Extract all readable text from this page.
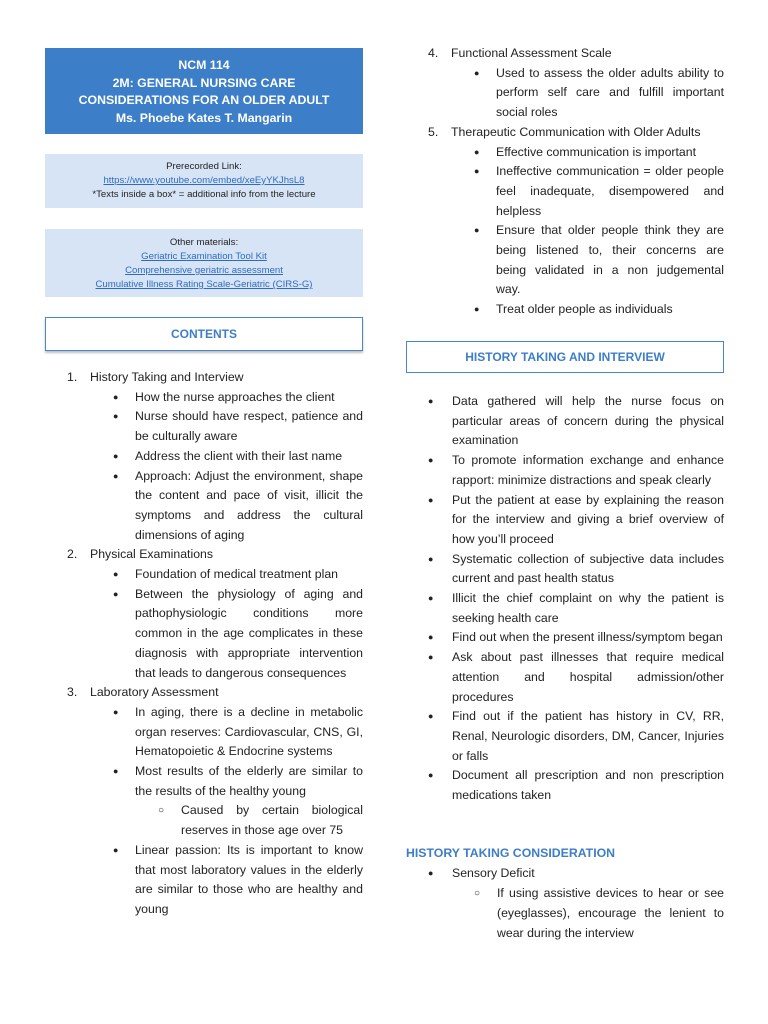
NCM 114
2M: GENERAL NURSING CARE
CONSIDERATIONS FOR AN OLDER ADULT
Ms. Phoebe Kates T. Mangarin
Prerecorded Link:
https://www.youtube.com/embed/xeEyYKJhsL8
*Texts inside a box* = additional info from the lecture
Other materials:
Geriatric Examination Tool Kit
Comprehensive geriatric assessment
Cumulative Illness Rating Scale-Geriatric (CIRS-G)
CONTENTS
1. History Taking and Interview
● How the nurse approaches the client
● Nurse should have respect, patience and be culturally aware
● Address the client with their last name
● Approach: Adjust the environment, shape the content and pace of visit, illicit the symptoms and address the cultural dimensions of aging
2. Physical Examinations
● Foundation of medical treatment plan
● Between the physiology of aging and pathophysiologic conditions more common in the age complicates in these diagnosis with appropriate intervention that leads to dangerous consequences
3. Laboratory Assessment
● In aging, there is a decline in metabolic organ reserves: Cardiovascular, CNS, GI, Hematopoietic & Endocrine systems
● Most results of the elderly are similar to the results of the healthy young
○ Caused by certain biological reserves in those age over 75
● Linear passion: Its is important to know that most laboratory values in the elderly are similar to those who are healthy and young
4. Functional Assessment Scale
● Used to assess the older adults ability to perform self care and fulfill important social roles
5. Therapeutic Communication with Older Adults
● Effective communication is important
● Ineffective communication = older people feel inadequate, disempowered and helpless
● Ensure that older people think they are being listened to, their concerns are being validated in a non judgemental way.
● Treat older people as individuals
HISTORY TAKING AND INTERVIEW
● Data gathered will help the nurse focus on particular areas of concern during the physical examination
● To promote information exchange and enhance rapport: minimize distractions and speak clearly
● Put the patient at ease by explaining the reason for the interview and giving a brief overview of how you’ll proceed
● Systematic collection of subjective data includes current and past health status
● Illicit the chief complaint on why the patient is seeking health care
● Find out when the present illness/symptom began
● Ask about past illnesses that require medical attention and hospital admission/other procedures
● Find out if the patient has history in CV, RR, Renal, Neurologic disorders, DM, Cancer, Injuries or falls
● Document all prescription and non prescription medications taken
HISTORY TAKING CONSIDERATION
● Sensory Deficit
○ If using assistive devices to hear or see (eyeglasses), encourage the lenient to wear during the interview
